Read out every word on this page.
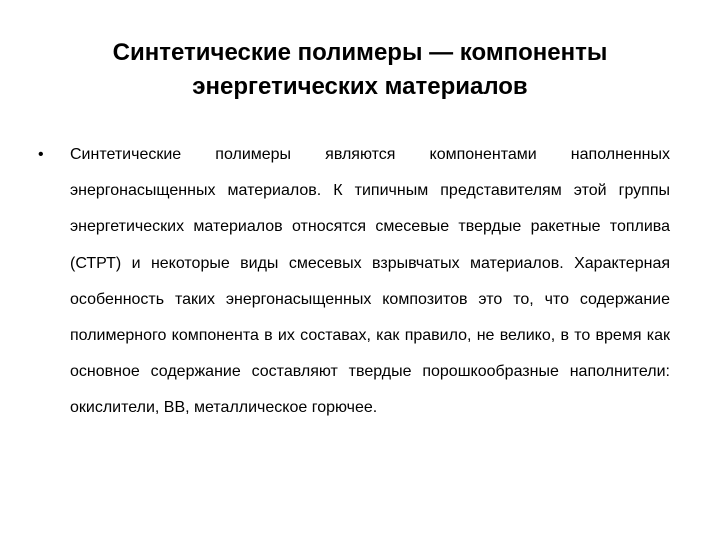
Синтетические полимеры — компоненты
энергетических материалов
• Синтетические полимеры являются компонентами наполненных энергонасыщенных материалов. К типичным представителям этой группы энергетических материалов относятся смесевые твердые ракетные топлива (СТРТ) и некоторые виды смесевых взрывчатых материалов. Характерная особенность таких энергонасыщенных композитов это то, что содержание полимерного компонента в их составах, как правило, не велико, в то время как основное содержание составляют твердые порошкообразные наполнители: окислители, ВВ, металлическое горючее.
